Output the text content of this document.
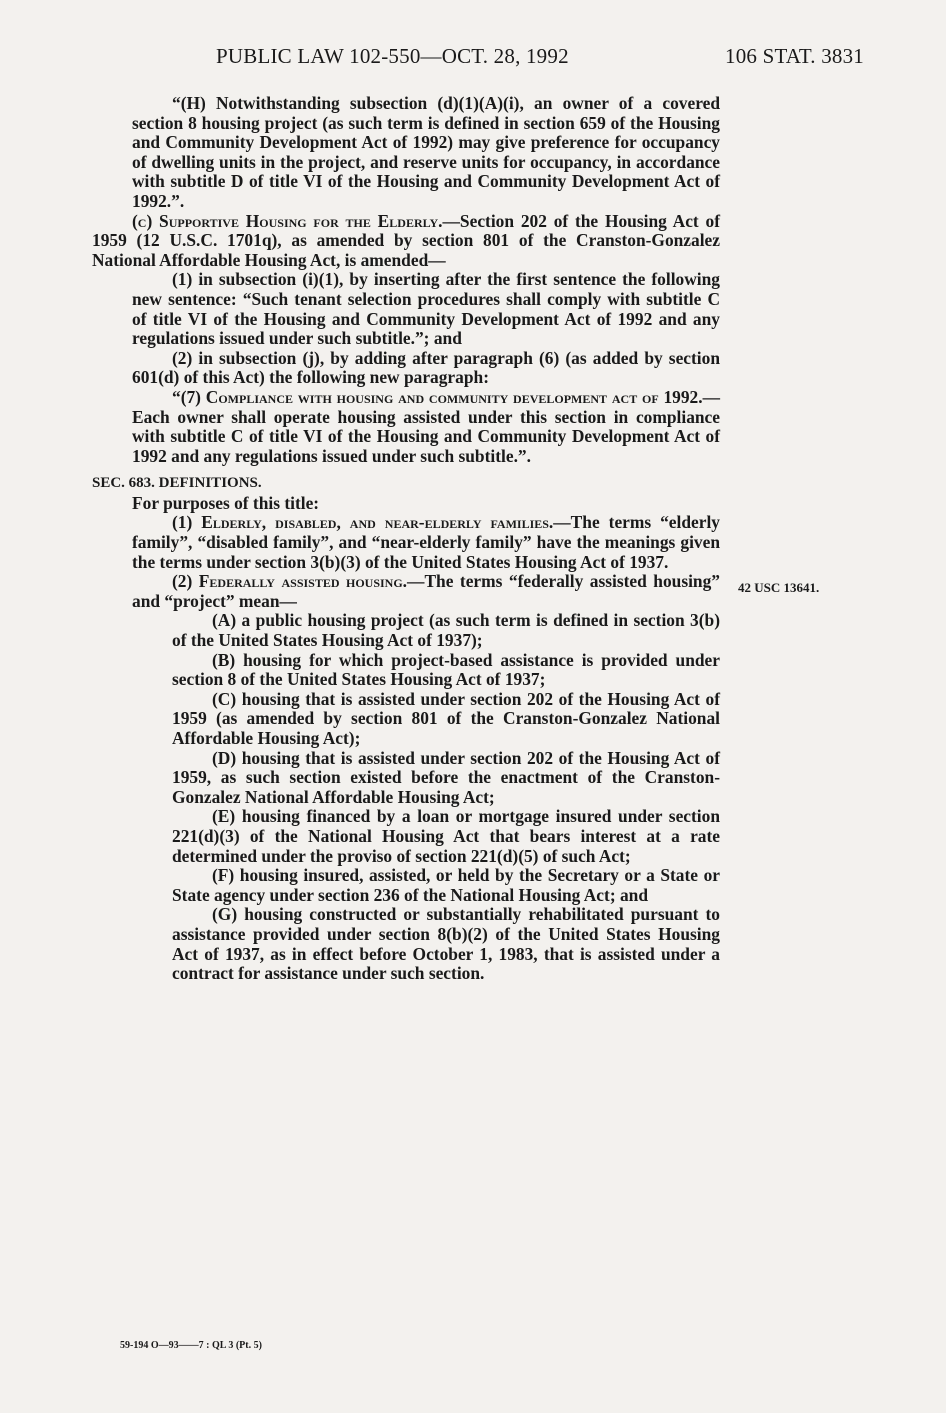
PUBLIC LAW 102-550—OCT. 28, 1992	106 STAT. 3831

“(H) Notwithstanding subsection (d)(1)(A)(i), an owner of a covered section 8 housing project (as such term is defined in section 659 of the Housing and Community Development Act of 1992) may give preference for occupancy of dwelling units in the project, and reserve units for occupancy, in accordance with subtitle D of title VI of the Housing and Community Development Act of 1992.”.

(c) Supportive Housing for the Elderly.—Section 202 of the Housing Act of 1959 (12 U.S.C. 1701q), as amended by section 801 of the Cranston-Gonzalez National Affordable Housing Act, is amended—

(1) in subsection (i)(1), by inserting after the first sentence the following new sentence: “Such tenant selection procedures shall comply with subtitle C of title VI of the Housing and Community Development Act of 1992 and any regulations issued under such subtitle.”; and

(2) in subsection (j), by adding after paragraph (6) (as added by section 601(d) of this Act) the following new paragraph:

“(7) Compliance with housing and community development act of 1992.—Each owner shall operate housing assisted under this section in compliance with subtitle C of title VI of the Housing and Community Development Act of 1992 and any regulations issued under such subtitle.”.

SEC. 683. DEFINITIONS.

For purposes of this title:

(1) Elderly, disabled, and near-elderly families.—The terms “elderly family”, “disabled family”, and “near-elderly family” have the meanings given the terms under section 3(b)(3) of the United States Housing Act of 1937.

(2) Federally assisted housing.—The terms “federally assisted housing” and “project” mean—

(A) a public housing project (as such term is defined in section 3(b) of the United States Housing Act of 1937);

(B) housing for which project-based assistance is provided under section 8 of the United States Housing Act of 1937;

(C) housing that is assisted under section 202 of the Housing Act of 1959 (as amended by section 801 of the Cranston-Gonzalez National Affordable Housing Act);

(D) housing that is assisted under section 202 of the Housing Act of 1959, as such section existed before the enactment of the Cranston-Gonzalez National Affordable Housing Act;

(E) housing financed by a loan or mortgage insured under section 221(d)(3) of the National Housing Act that bears interest at a rate determined under the proviso of section 221(d)(5) of such Act;

(F) housing insured, assisted, or held by the Secretary or a State or State agency under section 236 of the National Housing Act; and

(G) housing constructed or substantially rehabilitated pursuant to assistance provided under section 8(b)(2) of the United States Housing Act of 1937, as in effect before October 1, 1983, that is assisted under a contract for assistance under such section.

42 USC 13641.
59-194 O—93——7 : QL 3 (Pt. 5)
